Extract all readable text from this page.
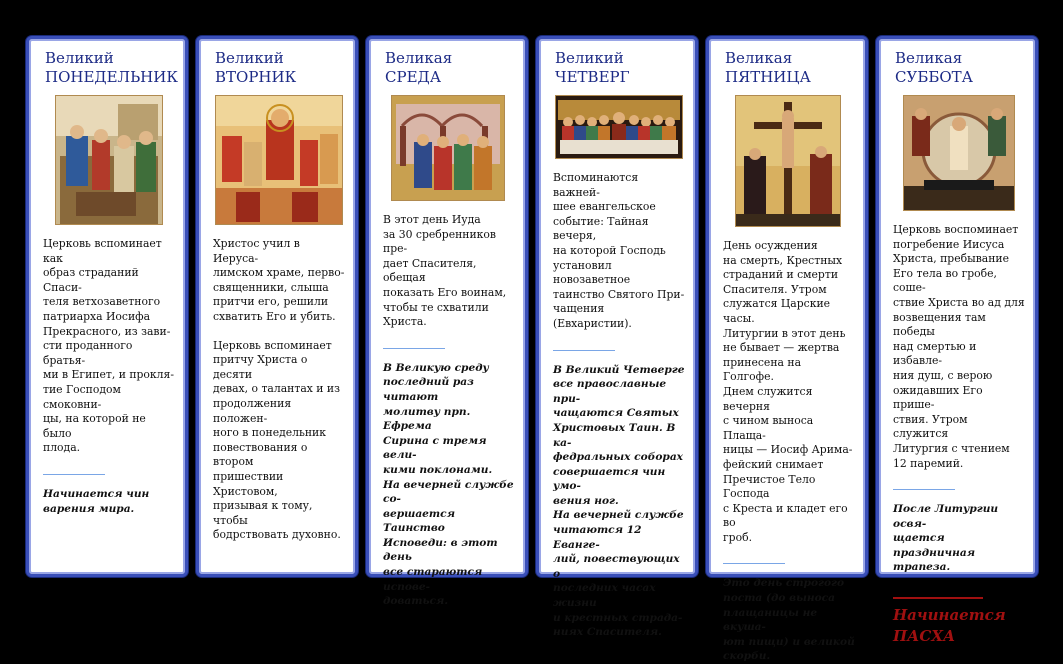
Великий
ПОНЕДЕЛЬНИК

Церковь вспоминает как
образ страданий Спаси-
теля ветхозаветного
патриарха Иосифа
Прекрасного, из зави-
сти проданного братья-
ми в Египет, и прокля-
тие Господом смоковни-
цы, на которой не было
плода.

Начинается чин
варения мира.
Великий
ВТОРНИК

Христос учил в Иеруса-
лимском храме, перво-
священники, слыша
притчи его, решили
схватить Его и убить.

Церковь вспоминает
притчу Христа о десяти
девах, о талантах и из
продолжения положен-
ного в понедельник
повествования о втором
пришествии Христовом,
призывая к тому, чтобы
бодрствовать духовно.

Великая
СРЕДА

В этот день Иуда
за 30 сребренников пре-
дает Спасителя, обещая
показать Его воинам,
чтобы те схватили
Христа.

В Великую среду
последний раз читают
молитву прп. Ефрема
Сирина с тремя вели-
кими поклонами.
На вечерней службе со-
вершается Таинство
Исповеди: в этот день
все стараются испове-
доваться.
Великий
ЧЕТВЕРГ

Вспоминаются важней-
шее евангельское
событие: Тайная вечеря,
на которой Господь
установил новозаветное
таинство Святого При-
чащения (Евхаристии).

В Великий Четверге
все православные при-
чащаются Святых
Христовых Таин. В ка-
федральных соборах
совершается чин умо-
вения ног.
На вечерней службе
читаются 12 Еванге-
лий, повествующих о
последних часах
жизни
и крестных страда-
ниях Спасителя.
Великая
ПЯТНИЦА

День осуждения
на смерть, Крестных
страданий и смерти
Спасителя. Утром
служатся Царские часы.
Литургии в этот день
не бывает — жертва
принесена на Голгофе.
Днем служится вечерня
с чином выноса Плаща-
ницы — Иосиф Арима-
фейский снимает
Пречистое Тело Господа
с Креста и кладет его во
гроб.

Это день строгого
поста (до выноса
плащаницы не вкуша-
ют пищи) и великой
скорби.
Великая
СУББОТА

Церковь воспоминает
погребение Иисуса
Христа, пребывание
Его тела во гробе, соше-
ствие Христа во ад для
возвещения там победы
над смертью и избавле-
ния душ, с верою
ожидавших Его прише-
ствия. Утром служится
Литургия с чтением
12 паремий.

После Литургии освя-
щается праздничная
трапеза.
Начинается
ПАСХА
